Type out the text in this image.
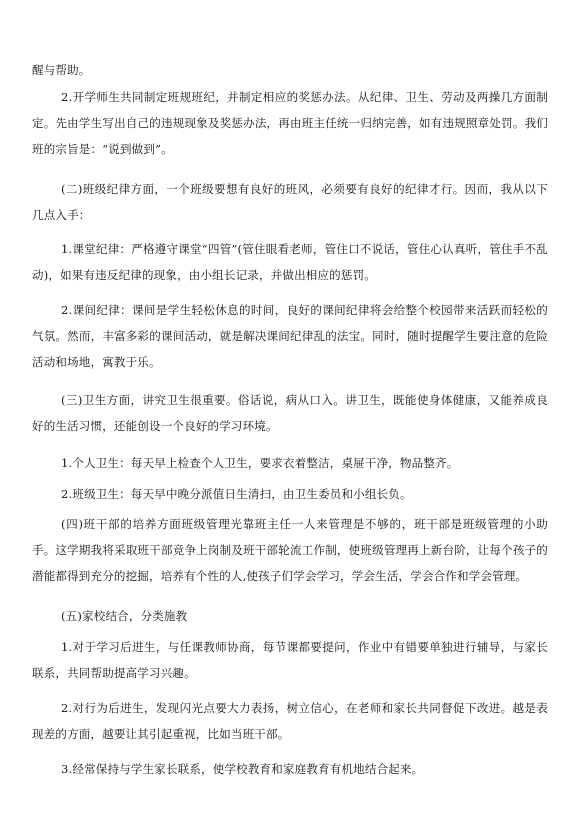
醒与帮助。

2.开学师生共同制定班规班纪，并制定相应的奖惩办法。从纪律、卫生、劳动及两操几方面制定。先由学生写出自己的违规现象及奖惩办法，再由班主任统一归纳完善，如有违规照章处罚。我们班的宗旨是：“说到做到”。

(二)班级纪律方面，一个班级要想有良好的班风，必须要有良好的纪律才行。因而，我从以下几点入手：

1.课堂纪律：严格遵守课堂“四管”(管住眼看老师，管住口不说话，管住心认真听，管住手不乱动)，如果有违反纪律的现象，由小组长记录，并做出相应的惩罚。

2.课间纪律：课间是学生轻松休息的时间，良好的课间纪律将会给整个校园带来活跃而轻松的气氛。然而，丰富多彩的课间活动，就是解决课间纪律乱的法宝。同时，随时提醒学生要注意的危险活动和场地，寓教于乐。

(三)卫生方面，讲究卫生很重要。俗话说，病从口入。讲卫生，既能使身体健康，又能养成良好的生活习惯，还能创设一个良好的学习环境。

1.个人卫生：每天早上检查个人卫生，要求衣着整洁，桌屉干净，物品整齐。

2.班级卫生：每天早中晚分派值日生清扫，由卫生委员和小组长负。

(四)班干部的培养方面班级管理光靠班主任一人来管理是不够的，班干部是班级管理的小助手。这学期我将采取班干部竞争上岗制及班干部轮流工作制，使班级管理再上新台阶，让每个孩子的潜能都得到充分的挖掘，培养有个性的人,使孩子们学会学习，学会生活，学会合作和学会管理。

(五)家校结合，分类施教

1.对于学习后进生，与任课教师协商，每节课都要提问，作业中有错要单独进行辅导，与家长联系，共同帮助提高学习兴趣。

2.对行为后进生，发现闪光点要大力表扬，树立信心，在老师和家长共同督促下改进。越是表现差的方面，越要让其引起重视，比如当班干部。

3.经常保持与学生家长联系，使学校教育和家庭教育有机地结合起来。
